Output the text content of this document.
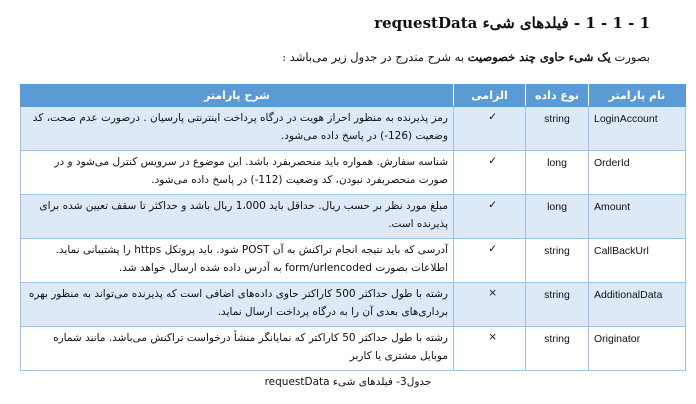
1 - 1 - 1 - فیلدهای شیء requestData
بصورت یک شیء حاوی چند خصوصیت به شرح مندرج در جدول زیر می‌باشد :
نام پارامتر	نوع داده	الزامی	شرح پارامتر
LoginAccount	string	✓	رمز پذیرنده به منظور احراز هویت در درگاه پرداخت اینترنتی پارسیان . درصورت عدم صحت، کد وضعیت (126-) در پاسخ داده می‌شود.
OrderId	long	✓	شناسه سفارش. همواره باید منحصربفرد باشد. این موضوع در سرویس کنترل می‌شود و در صورت منحصربفرد نبودن، کد وضعیت (112-) در پاسخ داده می‌شود.
Amount	long	✓	مبلغ مورد نظر بر حسب ریال. حداقل باید 1،000 ریال باشد و حداکثر تا سقف تعیین شده برای پذیرنده است.
CallBackUrl	string	✓	آدرسی که باید نتیجه انجام تراکنش به آن POST شود. باید پروتکل https را پشتیبانی نماید. اطلاعات بصورت form/urlencoded به آدرس داده شده ارسال خواهد شد.
AdditionalData	string	×	رشته با طول حداکثر 500 کاراکتر حاوی داده‌های اضافی است که پذیرنده می‌تواند به منظور بهره برداری‌های بعدی آن را به درگاه پرداخت ارسال نماید.
Originator	string	×	رشته با طول حداکثر 50 کاراکتر که نمایانگر منشأ درخواست تراکنش می‌باشد. مانند شماره موبایل مشتری یا کاربر
جدول3- فیلدهای شیء requestData
